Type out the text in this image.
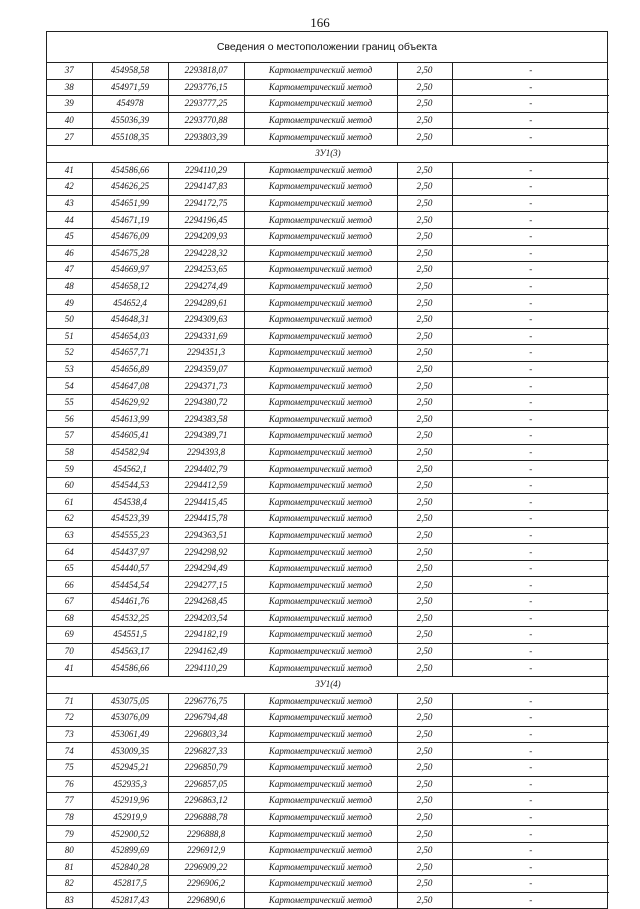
166
Сведения о местоположении границ объекта
37	454958,58	2293818,07	Картометрический метод	2,50	-
38	454971,59	2293776,15	Картометрический метод	2,50	-
39	454978	2293777,25	Картометрический метод	2,50	-
40	455036,39	2293770,88	Картометрический метод	2,50	-
27	455108,35	2293803,39	Картометрический метод	2,50	-
ЗУ1(3)					
41	454586,66	2294110,29	Картометрический метод	2,50	-
42	454626,25	2294147,83	Картометрический метод	2,50	-
43	454651,99	2294172,75	Картометрический метод	2,50	-
44	454671,19	2294196,45	Картометрический метод	2,50	-
45	454676,09	2294209,93	Картометрический метод	2,50	-
46	454675,28	2294228,32	Картометрический метод	2,50	-
47	454669,97	2294253,65	Картометрический метод	2,50	-
48	454658,12	2294274,49	Картометрический метод	2,50	-
49	454652,4	2294289,61	Картометрический метод	2,50	-
50	454648,31	2294309,63	Картометрический метод	2,50	-
51	454654,03	2294331,69	Картометрический метод	2,50	-
52	454657,71	2294351,3	Картометрический метод	2,50	-
53	454656,89	2294359,07	Картометрический метод	2,50	-
54	454647,08	2294371,73	Картометрический метод	2,50	-
55	454629,92	2294380,72	Картометрический метод	2,50	-
56	454613,99	2294383,58	Картометрический метод	2,50	-
57	454605,41	2294389,71	Картометрический метод	2,50	-
58	454582,94	2294393,8	Картометрический метод	2,50	-
59	454562,1	2294402,79	Картометрический метод	2,50	-
60	454544,53	2294412,59	Картометрический метод	2,50	-
61	454538,4	2294415,45	Картометрический метод	2,50	-
62	454523,39	2294415,78	Картометрический метод	2,50	-
63	454555,23	2294363,51	Картометрический метод	2,50	-
64	454437,97	2294298,92	Картометрический метод	2,50	-
65	454440,57	2294294,49	Картометрический метод	2,50	-
66	454454,54	2294277,15	Картометрический метод	2,50	-
67	454461,76	2294268,45	Картометрический метод	2,50	-
68	454532,25	2294203,54	Картометрический метод	2,50	-
69	454551,5	2294182,19	Картометрический метод	2,50	-
70	454563,17	2294162,49	Картометрический метод	2,50	-
41	454586,66	2294110,29	Картометрический метод	2,50	-
ЗУ1(4)					
71	453075,05	2296776,75	Картометрический метод	2,50	-
72	453076,09	2296794,48	Картометрический метод	2,50	-
73	453061,49	2296803,34	Картометрический метод	2,50	-
74	453009,35	2296827,33	Картометрический метод	2,50	-
75	452945,21	2296850,79	Картометрический метод	2,50	-
76	452935,3	2296857,05	Картометрический метод	2,50	-
77	452919,96	2296863,12	Картометрический метод	2,50	-
78	452919,9	2296888,78	Картометрический метод	2,50	-
79	452900,52	2296888,8	Картометрический метод	2,50	-
80	452899,69	2296912,9	Картометрический метод	2,50	-
81	452840,28	2296909,22	Картометрический метод	2,50	-
82	452817,5	2296906,2	Картометрический метод	2,50	-
83	452817,43	2296890,6	Картометрический метод	2,50	-
